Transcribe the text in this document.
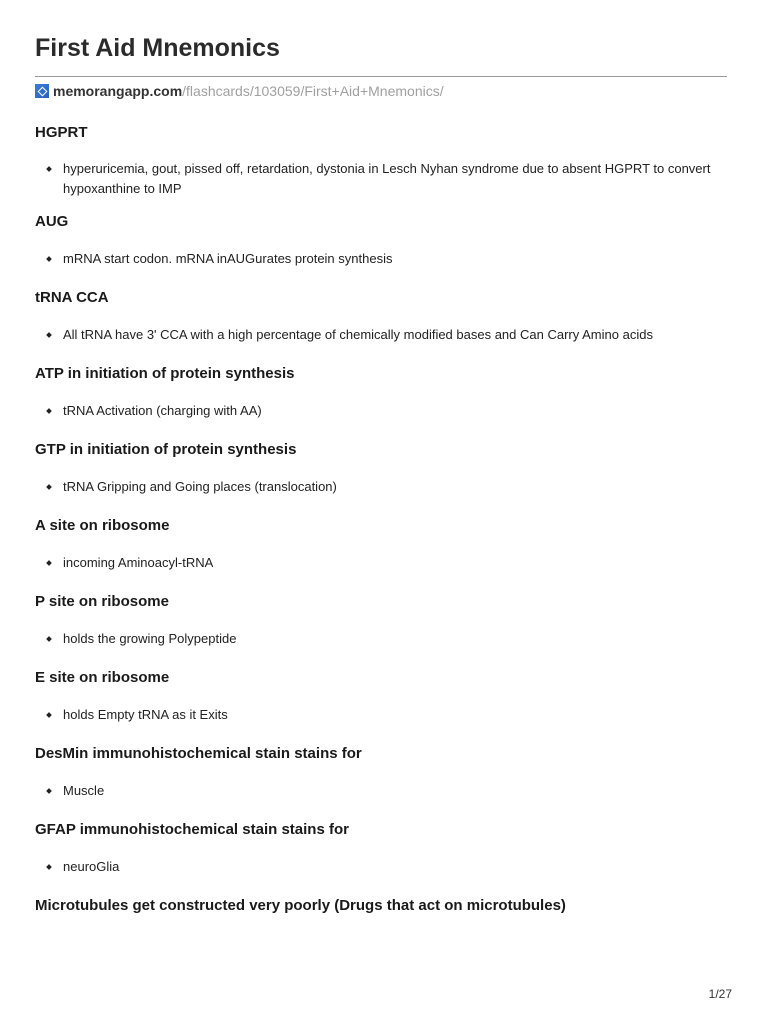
First Aid Mnemonics
memorangapp.com /flashcards/103059/First+Aid+Mnemonics/
HGPRT
hyperuricemia, gout, pissed off, retardation, dystonia in Lesch Nyhan syndrome due to absent HGPRT to convert hypoxanthine to IMP
AUG
mRNA start codon. mRNA inAUGurates protein synthesis
tRNA CCA
All tRNA have 3' CCA with a high percentage of chemically modified bases and Can Carry Amino acids
ATP in initiation of protein synthesis
tRNA Activation (charging with AA)
GTP in initiation of protein synthesis
tRNA Gripping and Going places (translocation)
A site on ribosome
incoming Aminoacyl-tRNA
P site on ribosome
holds the growing Polypeptide
E site on ribosome
holds Empty tRNA as it Exits
DesMin immunohistochemical stain stains for
Muscle
GFAP immunohistochemical stain stains for
neuroGlia
Microtubules get constructed very poorly (Drugs that act on microtubules)
1/27
